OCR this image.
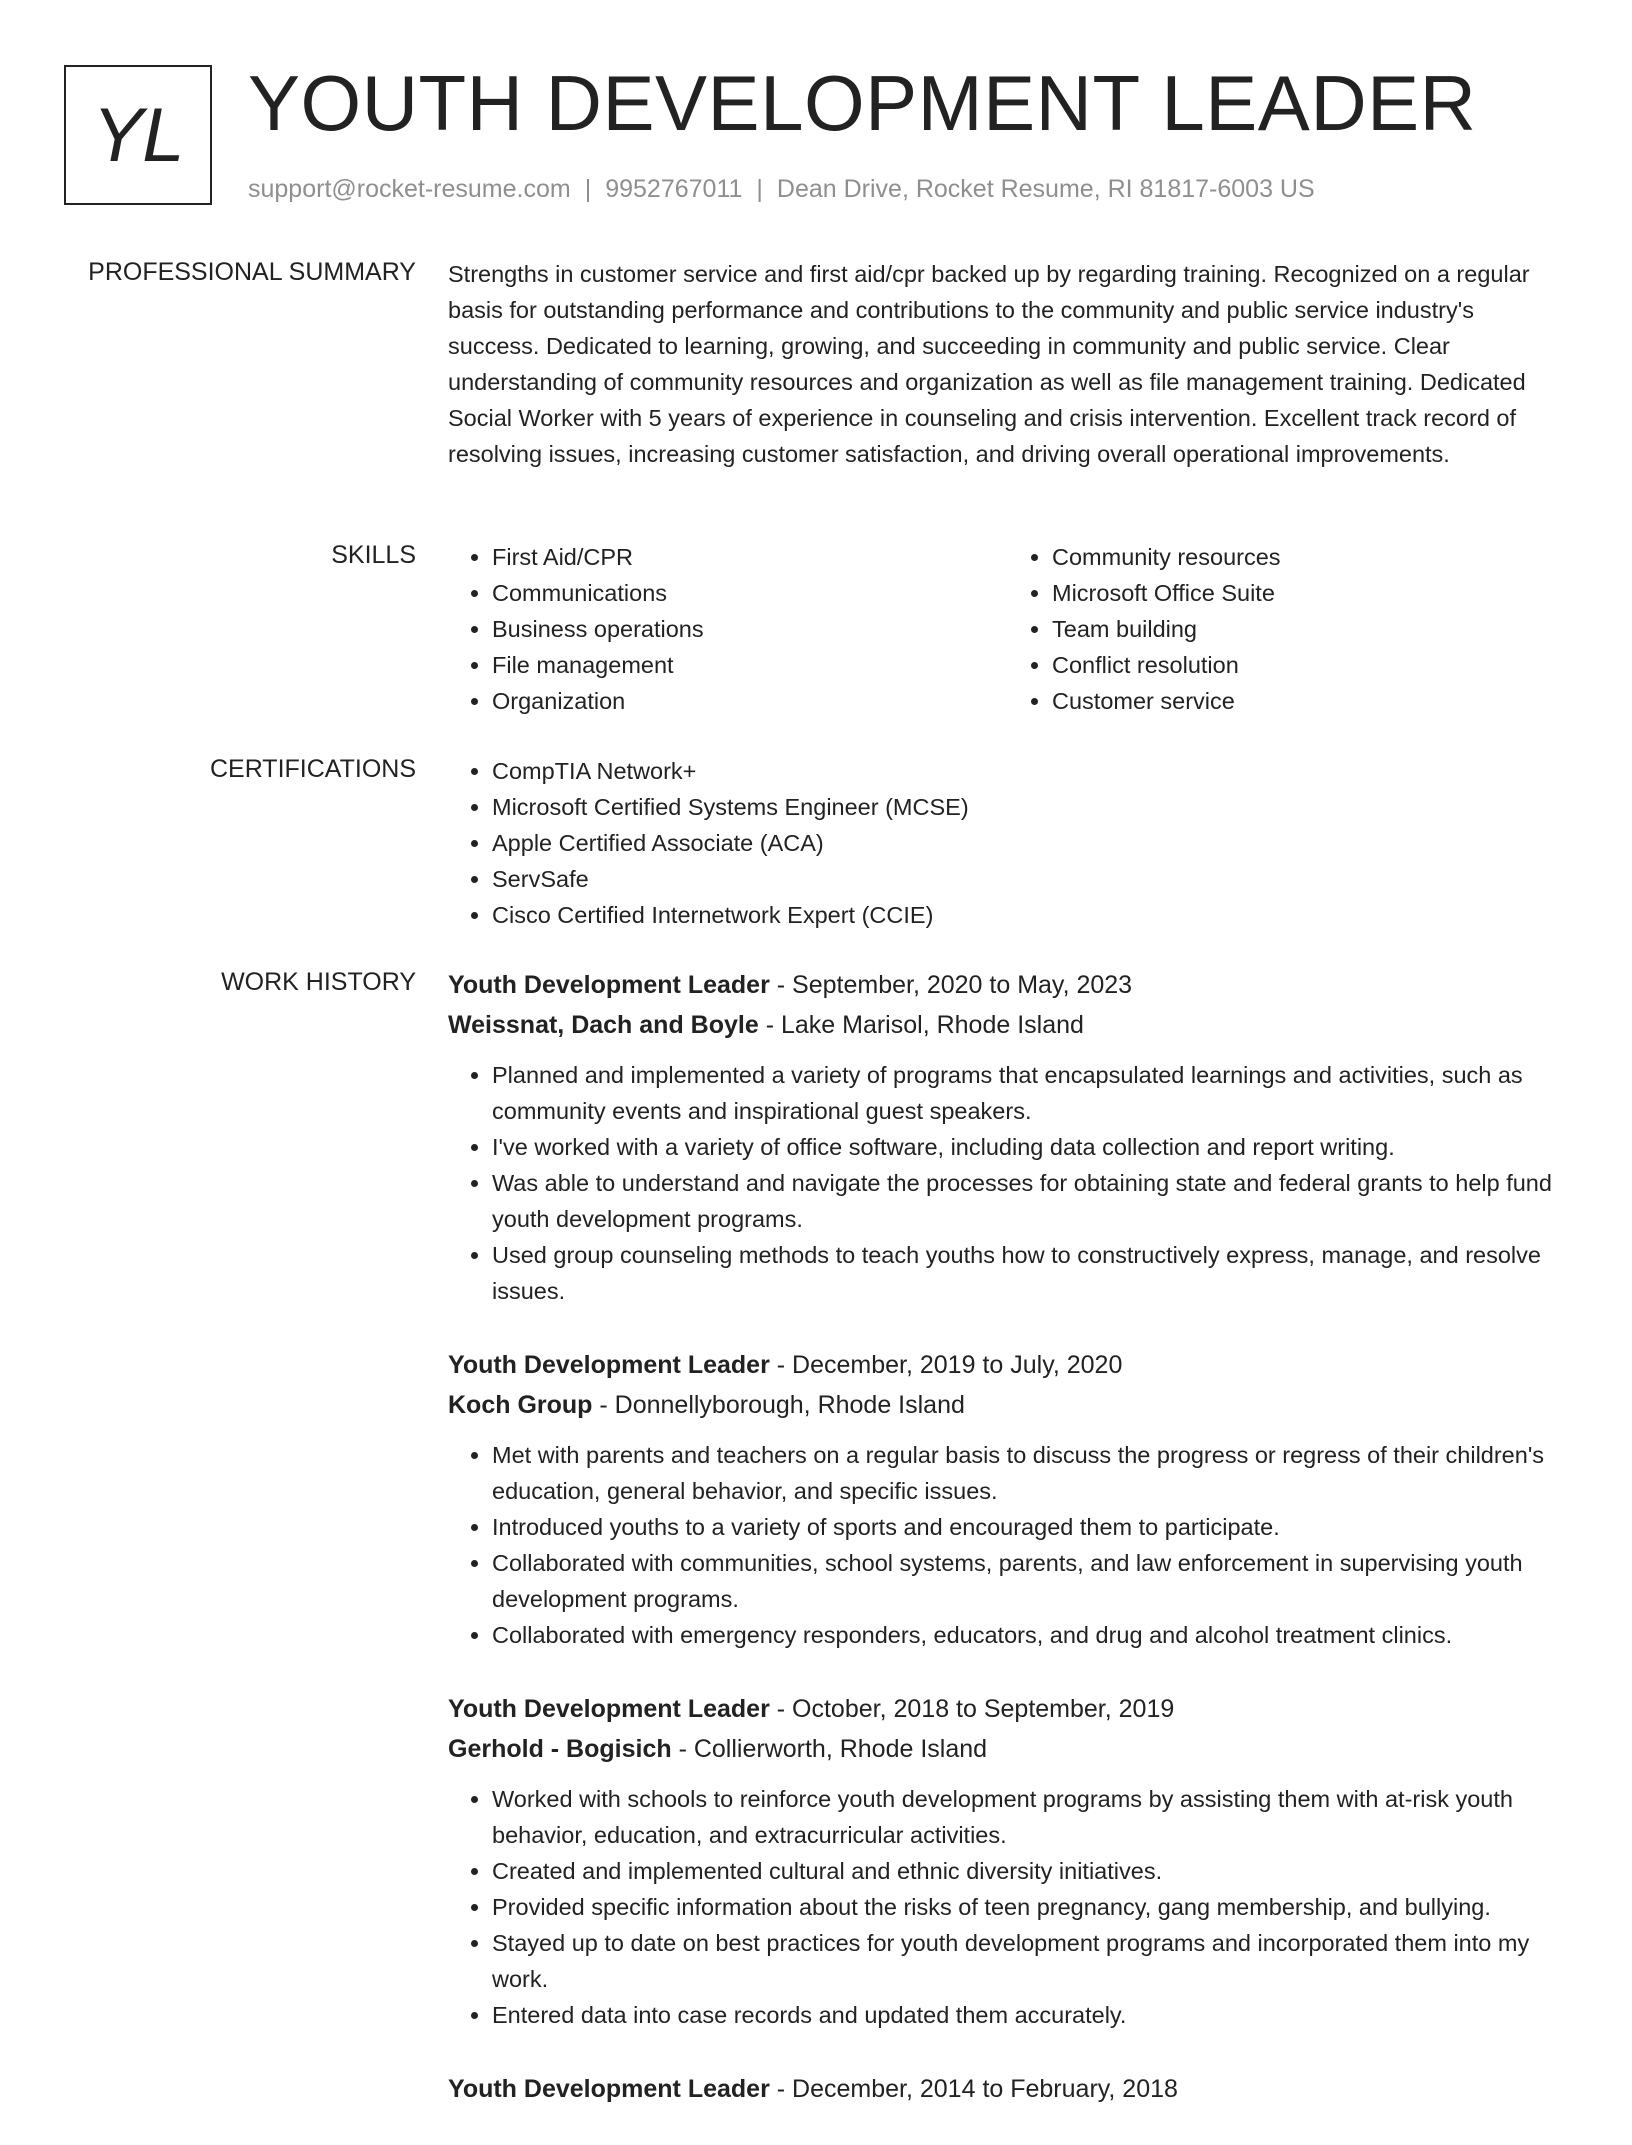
YL YOUTH DEVELOPMENT LEADER
support@rocket-resume.com | 9952767011 | Dean Drive, Rocket Resume, RI 81817-6003 US
PROFESSIONAL SUMMARY Strengths in customer service and first aid/cpr backed up by regarding training. Recognized on a regular basis for outstanding performance and contributions to the community and public service industry's success. Dedicated to learning, growing, and succeeding in community and public service. Clear understanding of community resources and organization as well as file management training. Dedicated Social Worker with 5 years of experience in counseling and crisis intervention. Excellent track record of resolving issues, increasing customer satisfaction, and driving overall operational improvements.

SKILLS	• First Aid/CPR
• Communications
• Business operations
• File management
• Organization
• Community resources
• Microsoft Office Suite
• Team building
• Conflict resolution
• Customer service
CERTIFICATIONS	• CompTIA Network+
• Microsoft Certified Systems Engineer (MCSE)
• Apple Certified Associate (ACA)
• ServSafe
• Cisco Certified Internetwork Expert (CCIE)
WORK HISTORY Youth Development Leader - September, 2020 to May, 2023
Weissnat, Dach and Boyle - Lake Marisol, Rhode Island
• Planned and implemented a variety of programs that encapsulated learnings and activities, such as community events and inspirational guest speakers.
• I've worked with a variety of office software, including data collection and report writing.
• Was able to understand and navigate the processes for obtaining state and federal grants to help fund youth development programs.
• Used group counseling methods to teach youths how to constructively express, manage, and resolve issues.
Youth Development Leader - December, 2019 to July, 2020
Koch Group - Donnellyborough, Rhode Island
• Met with parents and teachers on a regular basis to discuss the progress or regress of their children's education, general behavior, and specific issues.
• Introduced youths to a variety of sports and encouraged them to participate.
• Collaborated with communities, school systems, parents, and law enforcement in supervising youth development programs.
• Collaborated with emergency responders, educators, and drug and alcohol treatment clinics.
Youth Development Leader - October, 2018 to September, 2019
Gerhold - Bogisich - Collierworth, Rhode Island
• Worked with schools to reinforce youth development programs by assisting them with at-risk youth behavior, education, and extracurricular activities.
• Created and implemented cultural and ethnic diversity initiatives.
• Provided specific information about the risks of teen pregnancy, gang membership, and bullying.
• Stayed up to date on best practices for youth development programs and incorporated them into my work.
• Entered data into case records and updated them accurately.
Youth Development Leader - December, 2014 to February, 2018
